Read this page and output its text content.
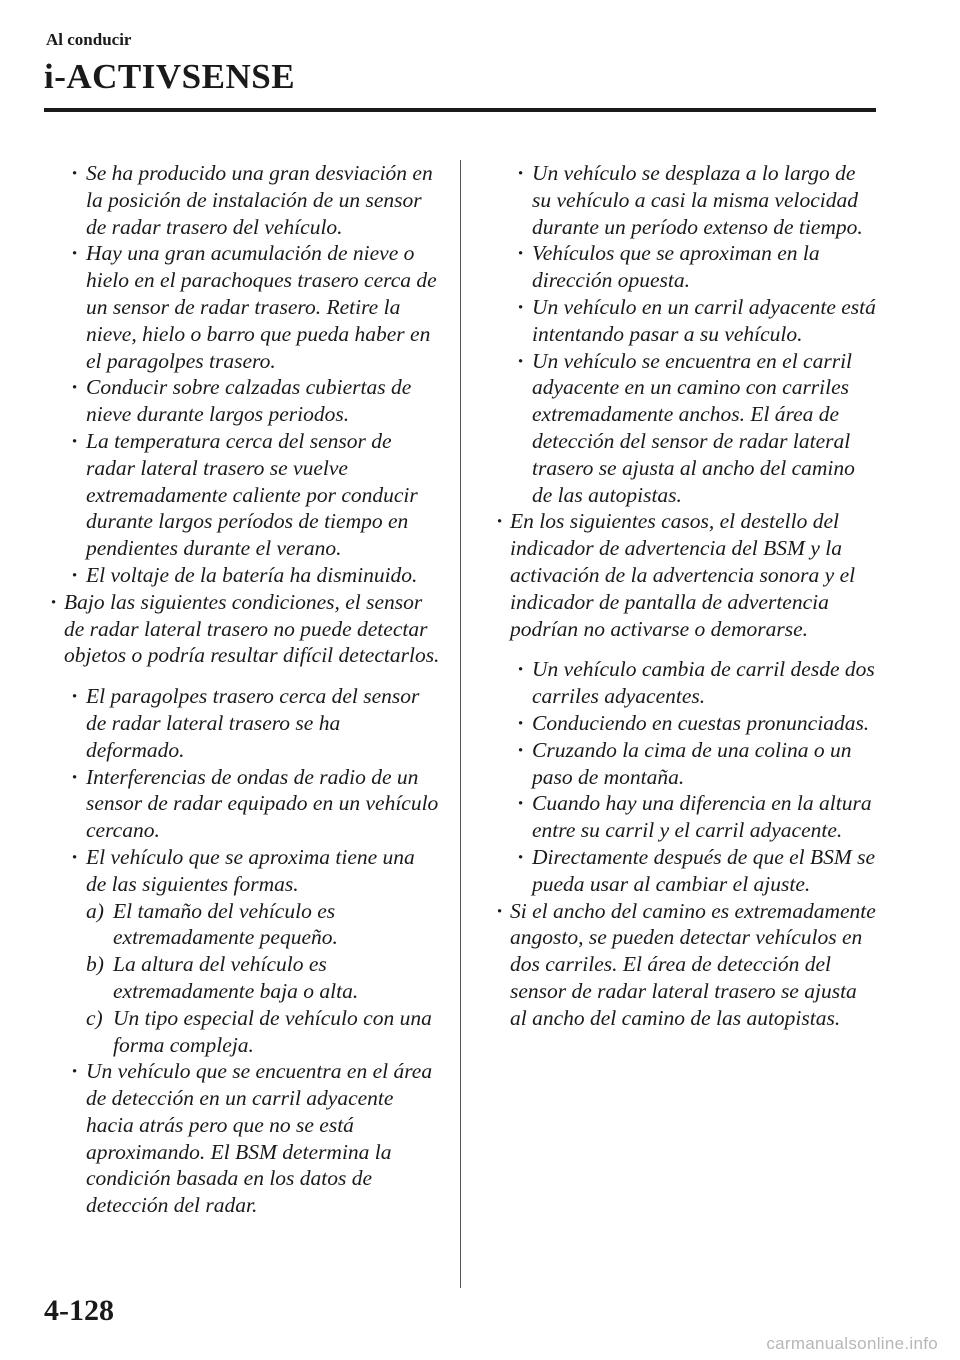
Al conducir
i-ACTIVSENSE
· Se ha producido una gran desviación en la posición de instalación de un sensor de radar trasero del vehículo.
· Hay una gran acumulación de nieve o hielo en el parachoques trasero cerca de un sensor de radar trasero. Retire la nieve, hielo o barro que pueda haber en el paragolpes trasero.
· Conducir sobre calzadas cubiertas de nieve durante largos periodos.
· La temperatura cerca del sensor de radar lateral trasero se vuelve extremadamente caliente por conducir durante largos períodos de tiempo en pendientes durante el verano.
· El voltaje de la batería ha disminuido.
· Bajo las siguientes condiciones, el sensor de radar lateral trasero no puede detectar objetos o podría resultar difícil detectarlos.
· El paragolpes trasero cerca del sensor de radar lateral trasero se ha deformado.
· Interferencias de ondas de radio de un sensor de radar equipado en un vehículo cercano.
· El vehículo que se aproxima tiene una de las siguientes formas.
a) El tamaño del vehículo es extremadamente pequeño.
b) La altura del vehículo es extremadamente baja o alta.
c) Un tipo especial de vehículo con una forma compleja.
· Un vehículo que se encuentra en el área de detección en un carril adyacente hacia atrás pero que no se está aproximando. El BSM determina la condición basada en los datos de detección del radar.
· Un vehículo se desplaza a lo largo de su vehículo a casi la misma velocidad durante un período extenso de tiempo.
· Vehículos que se aproximan en la dirección opuesta.
· Un vehículo en un carril adyacente está intentando pasar a su vehículo.
· Un vehículo se encuentra en el carril adyacente en un camino con carriles extremadamente anchos. El área de detección del sensor de radar lateral trasero se ajusta al ancho del camino de las autopistas.
· En los siguientes casos, el destello del indicador de advertencia del BSM y la activación de la advertencia sonora y el indicador de pantalla de advertencia podrían no activarse o demorarse.
· Un vehículo cambia de carril desde dos carriles adyacentes.
· Conduciendo en cuestas pronunciadas.
· Cruzando la cima de una colina o un paso de montaña.
· Cuando hay una diferencia en la altura entre su carril y el carril adyacente.
· Directamente después de que el BSM se pueda usar al cambiar el ajuste.
· Si el ancho del camino es extremadamente angosto, se pueden detectar vehículos en dos carriles. El área de detección del sensor de radar lateral trasero se ajusta al ancho del camino de las autopistas.
4-128
carmanualsonline.info
